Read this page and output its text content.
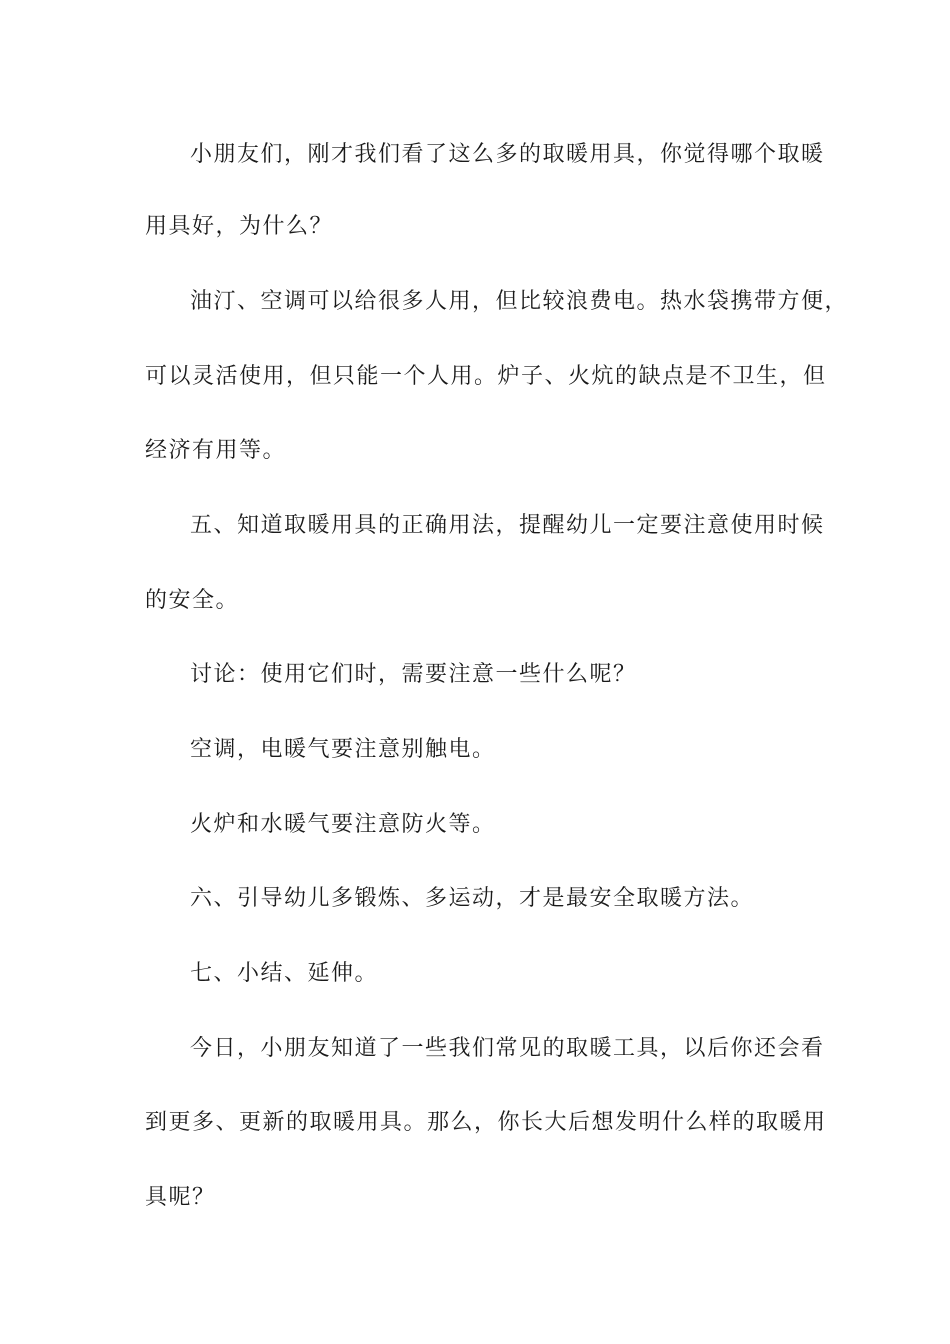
小朋友们，刚才我们看了这么多的取暖用具，你觉得哪个取暖
用具好，为什么？
油汀、空调可以给很多人用，但比较浪费电。热水袋携带方便，
可以灵活使用，但只能一个人用。炉子、火炕的缺点是不卫生，但
经济有用等。
五、知道取暖用具的正确用法，提醒幼儿一定要注意使用时候
的安全。
讨论：使用它们时，需要注意一些什么呢？
空调，电暖气要注意别触电。
火炉和水暖气要注意防火等。
六、引导幼儿多锻炼、多运动，才是最安全取暖方法。
七、小结、延伸。
今日，小朋友知道了一些我们常见的取暖工具，以后你还会看
到更多、更新的取暖用具。那么，你长大后想发明什么样的取暖用
具呢？
